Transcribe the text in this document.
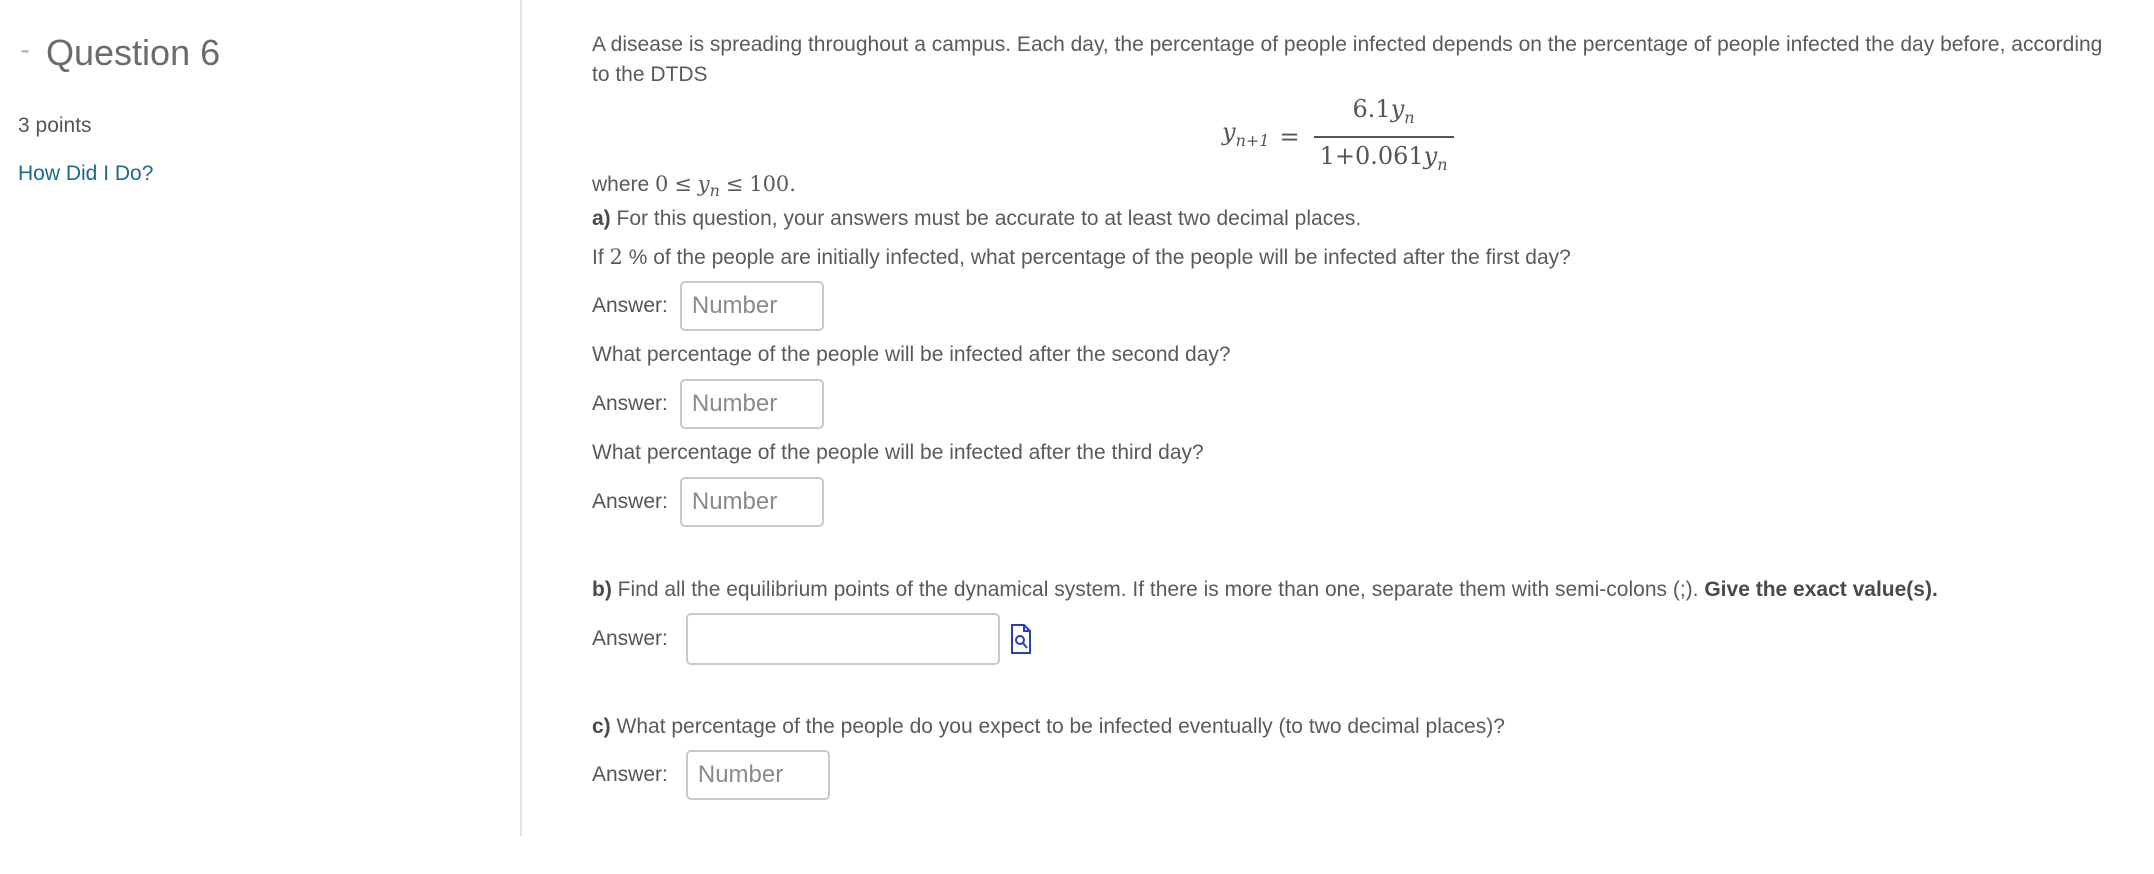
- Question 6
3 points
How Did I Do?

A disease is spreading throughout a campus. Each day, the percentage of people infected depends on the percentage of people infected the day before, according to the DTDS

$y_{n+1} = \frac{6.1y_n}{1+0.061y_n}$
where $0 \le y_n \le 100$.
a) For this question, your answers must be accurate to at least two decimal places.
If 2 % of the people are initially infected, what percentage of the people will be infected after the first day?
Answer:
Number
What percentage of the people will be infected after the second day?
Answer:
Number
What percentage of the people will be infected after the third day?
Answer:
Number
b) Find all the equilibrium points of the dynamical system. If there is more than one, separate them with semi-colons (;). Give the exact value(s).
Answer:
c) What percentage of the people do you expect to be infected eventually (to two decimal places)?
Answer:
Number
